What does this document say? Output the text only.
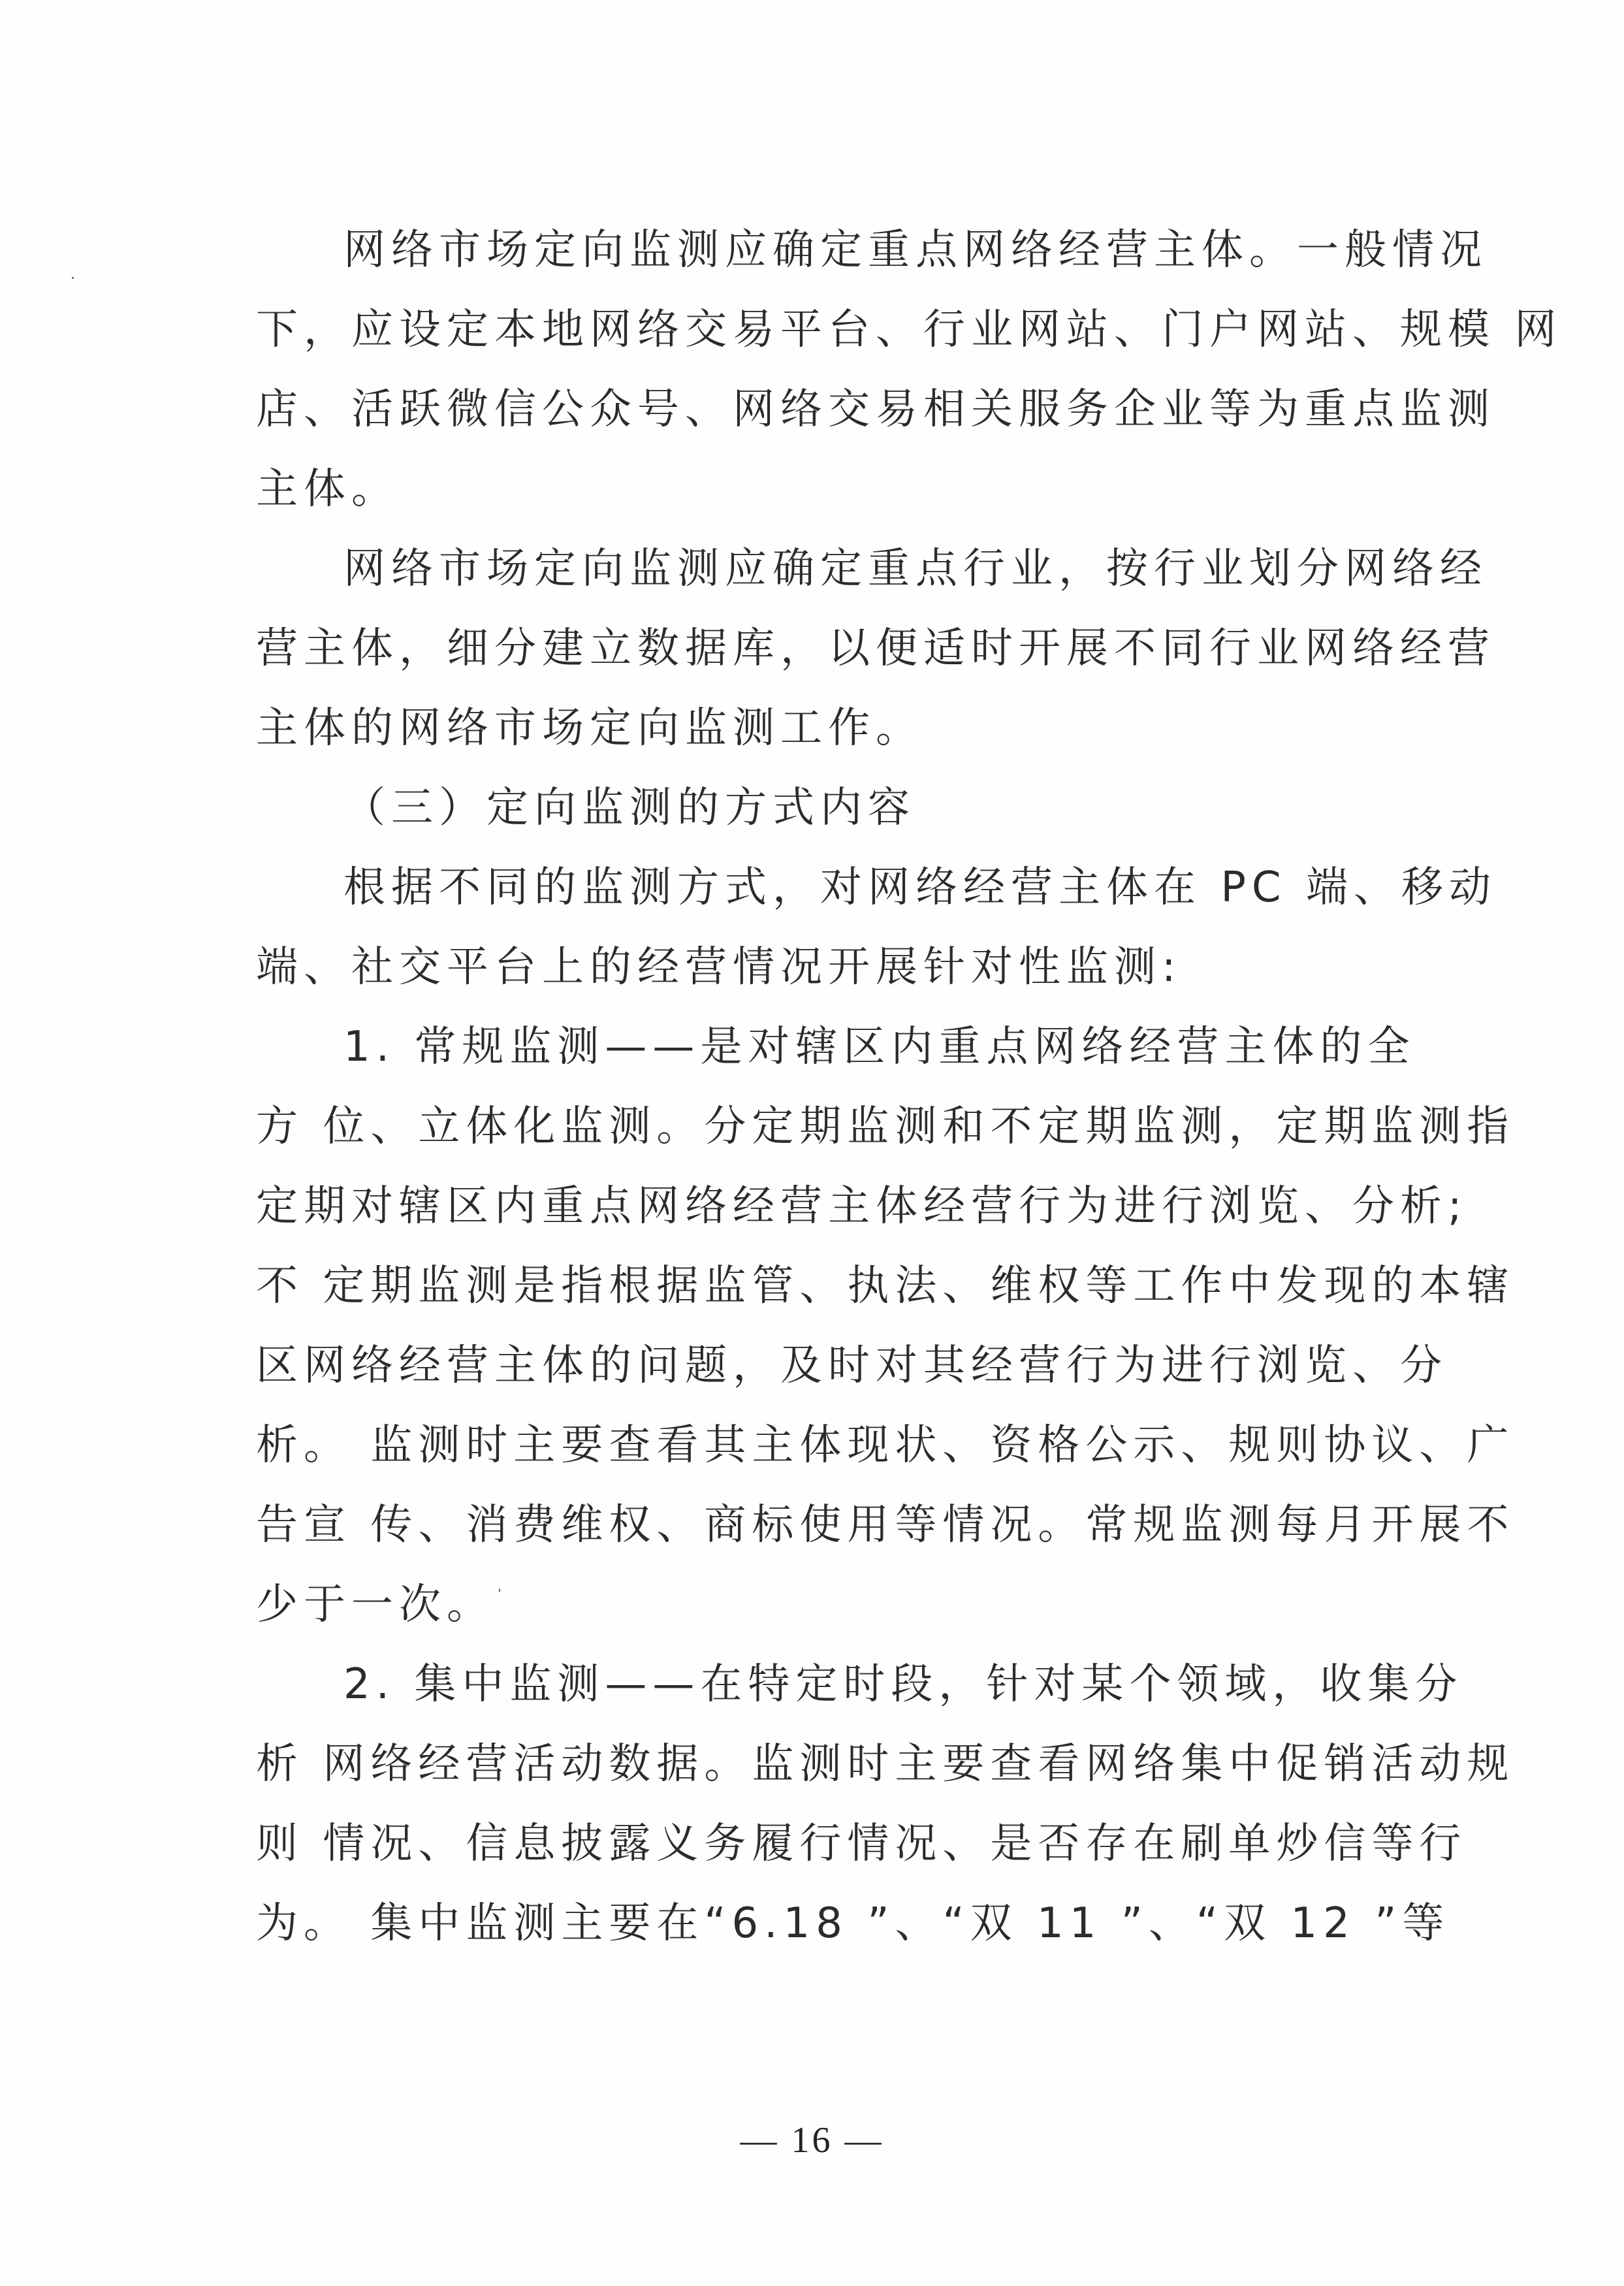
网络市场定向监测应确定重点网络经营主体。一般情况
下，应设定本地网络交易平台、行业网站、门户网站、规模 网
店、活跃微信公众号、网络交易相关服务企业等为重点监测
主体。
网络市场定向监测应确定重点行业，按行业划分网络经
营主体，细分建立数据库，以便适时开展不同行业网络经营
主体的网络市场定向监测工作。
（三）定向监测的方式内容
根据不同的监测方式，对网络经营主体在 PC 端、移动
端、社交平台上的经营情况开展针对性监测:
1. 常规监测——是对辖区内重点网络经营主体的全
方 位、立体化监测。分定期监测和不定期监测，定期监测指
定期对辖区内重点网络经营主体经营行为进行浏览、分析;
不 定期监测是指根据监管、执法、维权等工作中发现的本辖
区网络经营主体的问题，及时对其经营行为进行浏览、分
析。 监测时主要查看其主体现状、资格公示、规则协议、广
告宣 传、消费维权、商标使用等情况。常规监测每月开展不
少于一次。
2. 集中监测——在特定时段，针对某个领域，收集分
析 网络经营活动数据。监测时主要查看网络集中促销活动规
则 情况、信息披露义务履行情况、是否存在刷单炒信等行
为。 集中监测主要在“6.18 ”、“双 11 ”、“双 12 ”等
— 16 —
